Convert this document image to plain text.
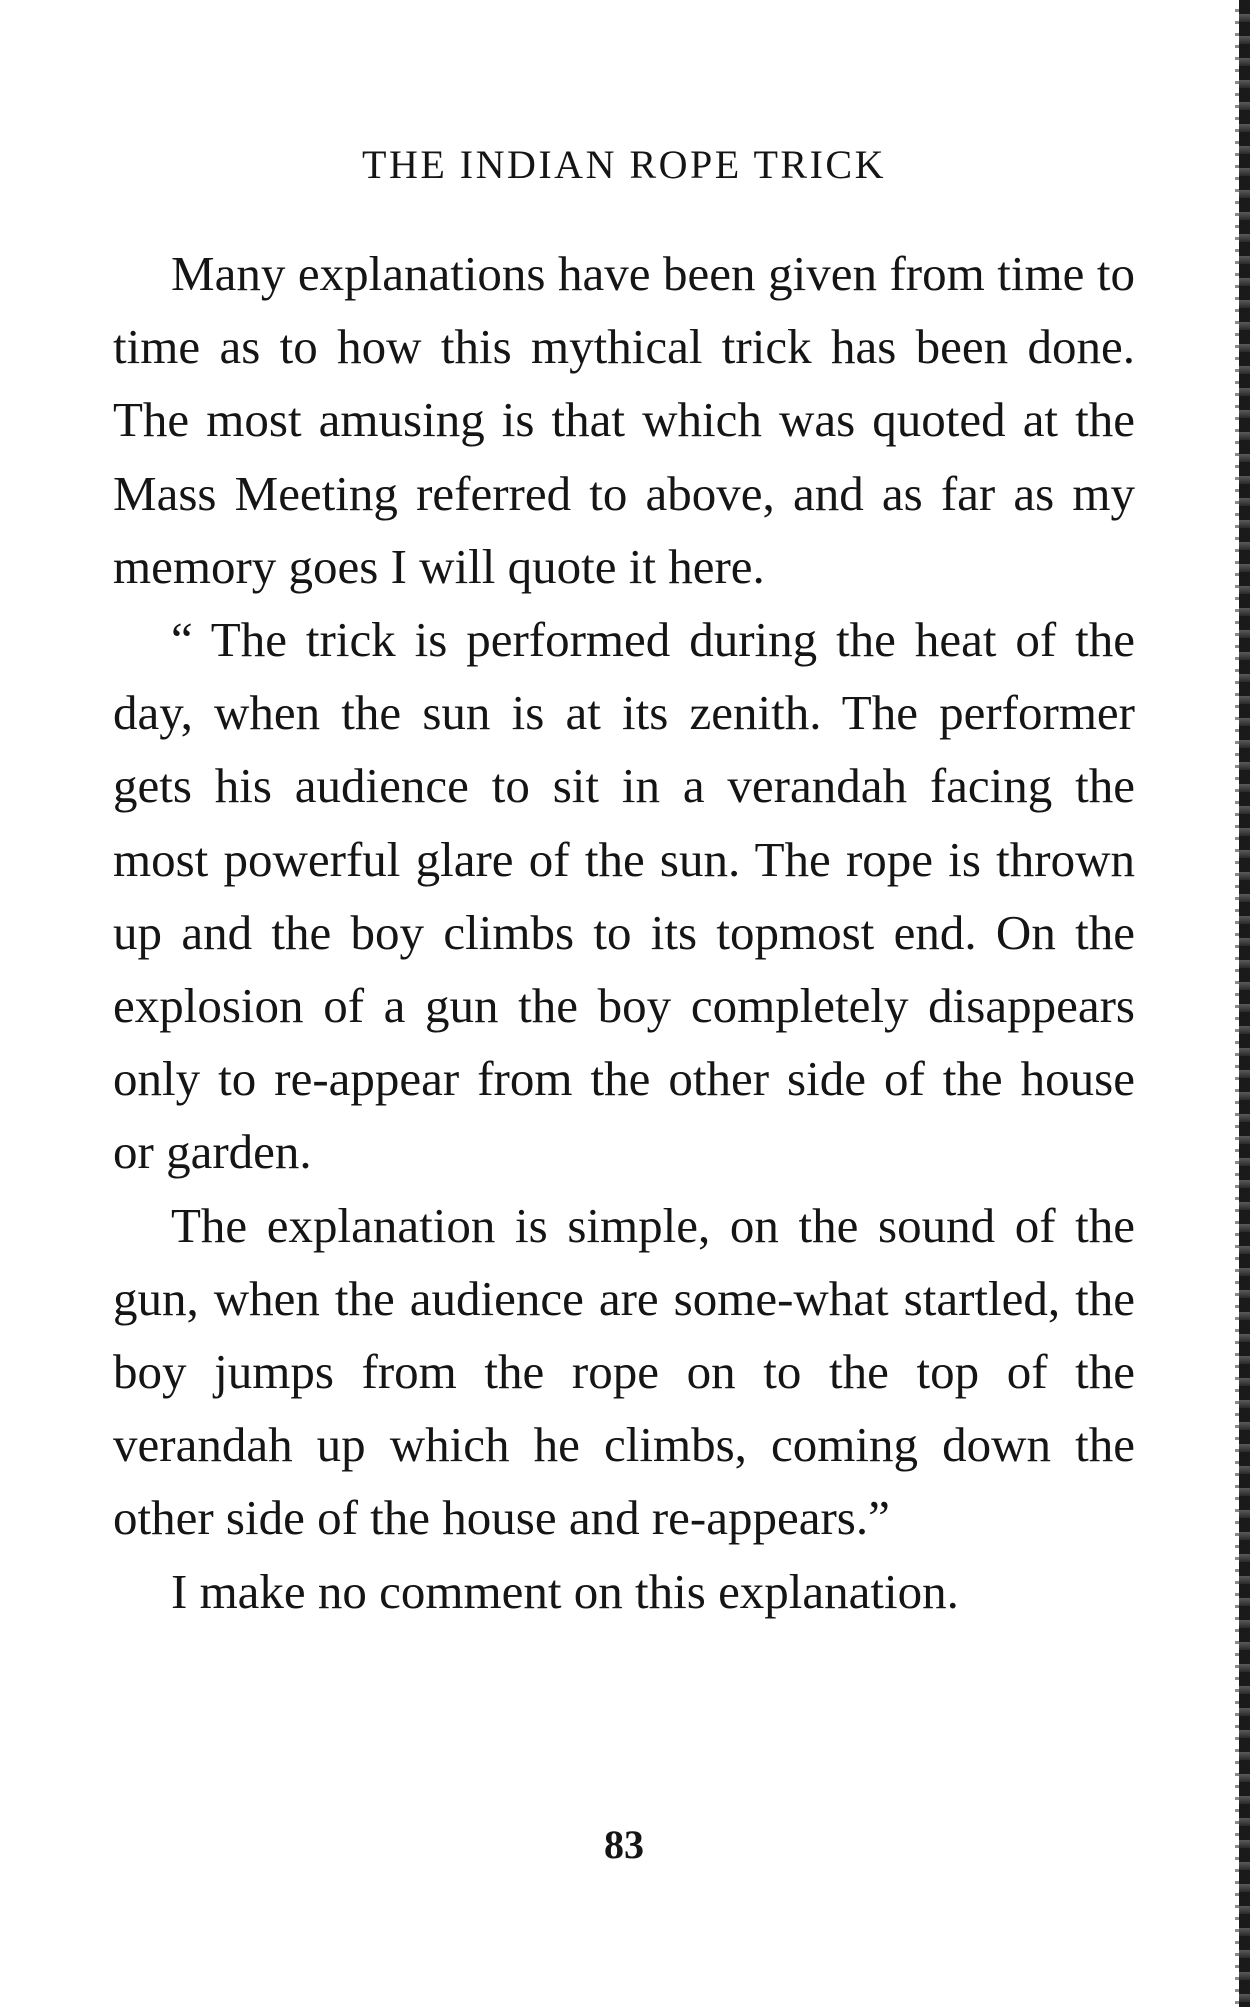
THE INDIAN ROPE TRICK

Many explanations have been given from time to time as to how this mythical trick has been done. The most amusing is that which was quoted at the Mass Meeting referred to above, and as far as my memory goes I will quote it here.

“ The trick is performed during the heat of the day, when the sun is at its zenith. The performer gets his audience to sit in a verandah facing the most powerful glare of the sun. The rope is thrown up and the boy climbs to its topmost end. On the explosion of a gun the boy completely disappears only to re-appear from the other side of the house or garden.

The explanation is simple, on the sound of the gun, when the audience are some-what startled, the boy jumps from the rope on to the top of the verandah up which he climbs, coming down the other side of the house and re-appears.”

I make no comment on this explanation.

83
